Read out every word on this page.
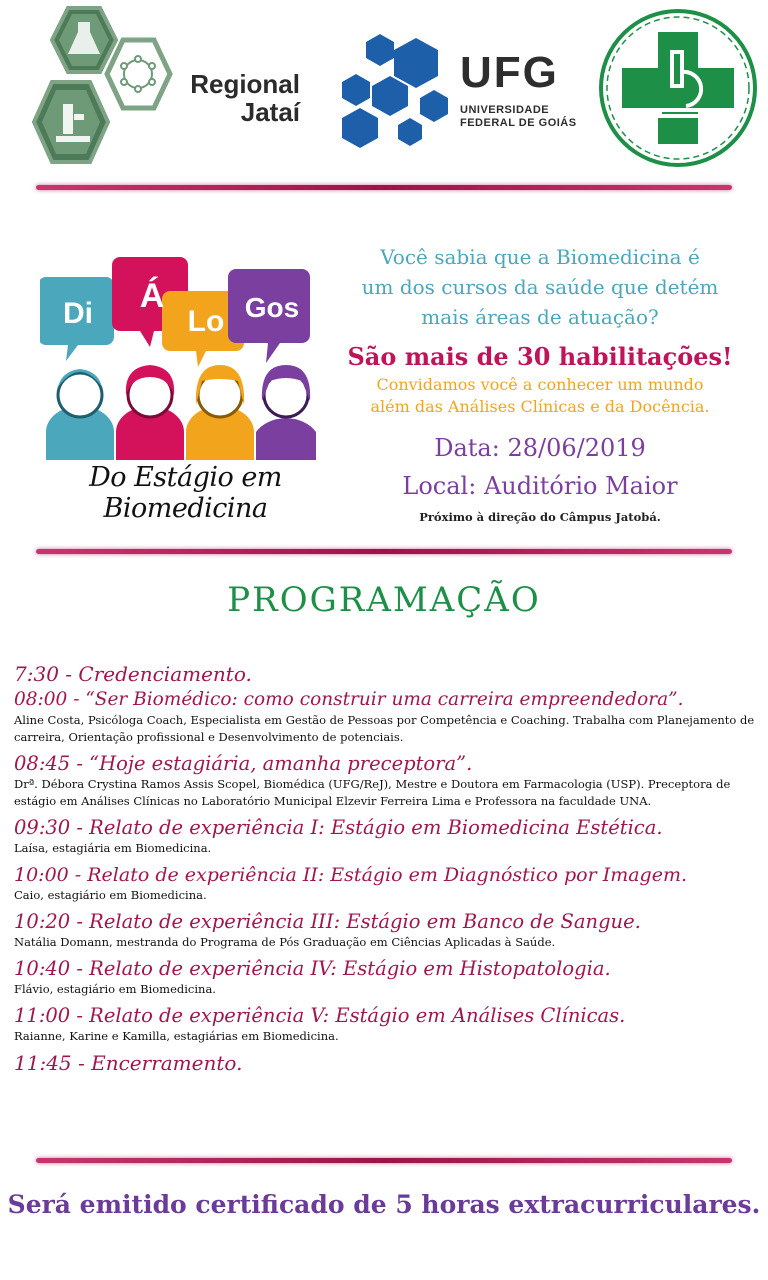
Regional
Jataí
UFG
UNIVERSIDADE
FEDERAL DE GOIÁS
Di Á
Lo Gos
Do Estágio em Biomedicina
Você sabia que a Biomedicina é
um dos cursos da saúde que detém
mais áreas de atuação?
São mais de 30 habilitações!
Convidamos você a conhecer um mundo
além das Análises Clínicas e da Docência.
Data: 28/06/2019
Local: Auditório Maior
Próximo à direção do Câmpus Jatobá.
PROGRAMAÇÃO
7:30 - Credenciamento.
08:00 - “Ser Biomédico: como construir uma carreira empreendedora”.
Aline Costa, Psicóloga Coach, Especialista em Gestão de Pessoas por Competência e Coaching. Trabalha com Planejamento de carreira, Orientação profissional e Desenvolvimento de potenciais.
08:45 - “Hoje estagiária, amanha preceptora”.
Drª. Débora Crystina Ramos Assis Scopel, Biomédica (UFG/ReJ), Mestre e Doutora em Farmacologia (USP). Preceptora de estágio em Análises Clínicas no Laboratório Municipal Elzevir Ferreira Lima e Professora na faculdade UNA.
09:30 - Relato de experiência I: Estágio em Biomedicina Estética.
Laísa, estagiária em Biomedicina.
10:00 - Relato de experiência II: Estágio em Diagnóstico por Imagem.
Caio, estagiário em Biomedicina.
10:20 - Relato de experiência III: Estágio em Banco de Sangue.
Natália Domann, mestranda do Programa de Pós Graduação em Ciências Aplicadas à Saúde.
10:40 - Relato de experiência IV: Estágio em Histopatologia.
Flávio, estagiário em Biomedicina.
11:00 - Relato de experiência V: Estágio em Análises Clínicas.
Raianne, Karine e Kamilla, estagiárias em Biomedicina.
11:45 - Encerramento.
Será emitido certificado de 5 horas extracurriculares.
